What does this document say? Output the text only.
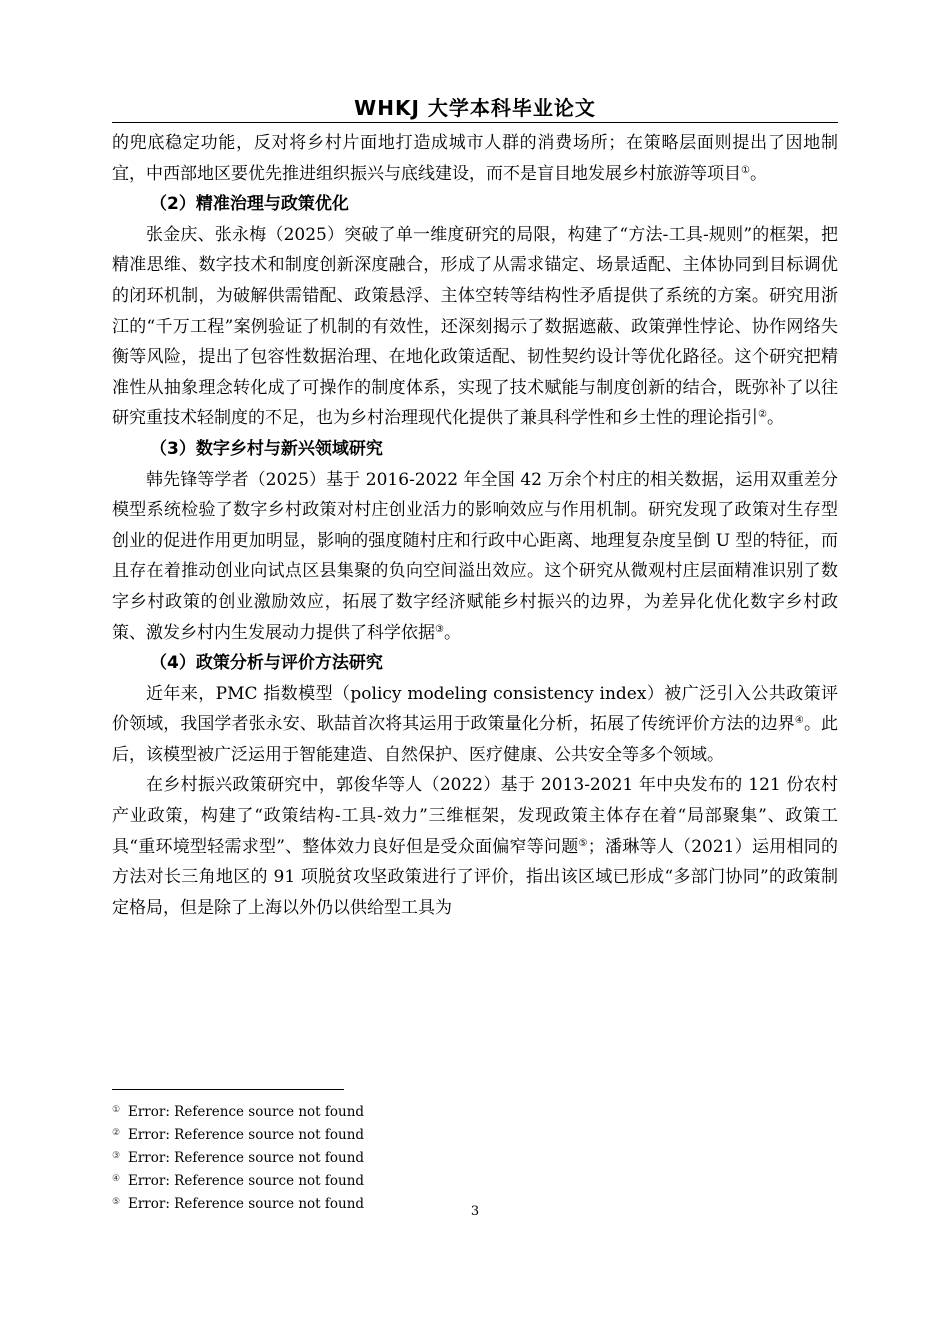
WHKJ 大学本科毕业论文

的兜底稳定功能，反对将乡村片面地打造成城市人群的消费场所；在策略层面则提出了因地制宜，中西部地区要优先推进组织振兴与底线建设，而不是盲目地发展乡村旅游等项目①。

（2）精准治理与政策优化

张金庆、张永梅（2025）突破了单一维度研究的局限，构建了“方法-工具-规则”的框架，把精准思维、数字技术和制度创新深度融合，形成了从需求锚定、场景适配、主体协同到目标调优的闭环机制，为破解供需错配、政策悬浮、主体空转等结构性矛盾提供了系统的方案。研究用浙江的“千万工程”案例验证了机制的有效性，还深刻揭示了数据遮蔽、政策弹性悖论、协作网络失衡等风险，提出了包容性数据治理、在地化政策适配、韧性契约设计等优化路径。这个研究把精准性从抽象理念转化成了可操作的制度体系，实现了技术赋能与制度创新的结合，既弥补了以往研究重技术轻制度的不足，也为乡村治理现代化提供了兼具科学性和乡土性的理论指引②。

（3）数字乡村与新兴领域研究

韩先锋等学者（2025）基于 2016-2022 年全国 42 万余个村庄的相关数据，运用双重差分模型系统检验了数字乡村政策对村庄创业活力的影响效应与作用机制。研究发现了政策对生存型创业的促进作用更加明显，影响的强度随村庄和行政中心距离、地理复杂度呈倒 U 型的特征，而且存在着推动创业向试点区县集聚的负向空间溢出效应。这个研究从微观村庄层面精准识别了数字乡村政策的创业激励效应，拓展了数字经济赋能乡村振兴的边界，为差异化优化数字乡村政策、激发乡村内生发展动力提供了科学依据③。

（4）政策分析与评价方法研究

近年来，PMC 指数模型（policy modeling consistency index）被广泛引入公共政策评价领域，我国学者张永安、耿喆首次将其运用于政策量化分析，拓展了传统评价方法的边界④。此后，该模型被广泛运用于智能建造、自然保护、医疗健康、公共安全等多个领域。

在乡村振兴政策研究中，郭俊华等人（2022）基于 2013-2021 年中央发布的 121 份农村产业政策，构建了“政策结构-工具-效力”三维框架，发现政策主体存在着“局部聚集”、政策工具“重环境型轻需求型”、整体效力良好但是受众面偏窄等问题⑤；潘琳等人（2021）运用相同的方法对长三角地区的 91 项脱贫攻坚政策进行了评价，指出该区域已形成“多部门协同”的政策制定格局，但是除了上海以外仍以供给型工具为

① Error: Reference source not found
② Error: Reference source not found
③ Error: Reference source not found
④ Error: Reference source not found
⑤ Error: Reference source not found	3
